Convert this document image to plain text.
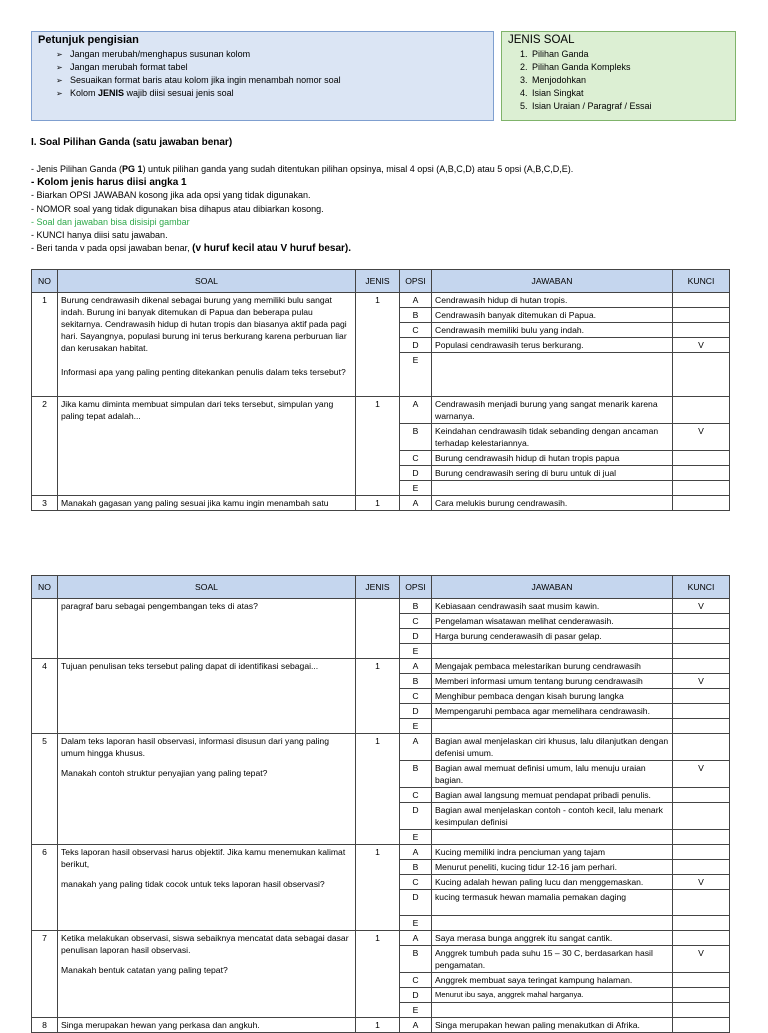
Petunjuk pengisian
➢ Jangan merubah/menghapus susunan kolom
➢ Jangan merubah format tabel
➢ Sesuaikan format baris atau kolom jika ingin menambah nomor soal
➢ Kolom JENIS wajib diisi sesuai jenis soal
JENIS SOAL
1. Pilihan Ganda
2. Pilihan Ganda Kompleks
3. Menjodohkan
4. Isian Singkat
5. Isian Uraian / Paragraf / Essai
I. Soal Pilihan Ganda (satu jawaban benar)
- Jenis Pilihan Ganda (PG 1) untuk pilihan ganda yang sudah ditentukan pilihan opsinya, misal 4 opsi (A,B,C,D) atau 5 opsi (A,B,C,D,E).
- Kolom jenis harus diisi angka 1
- Biarkan OPSI JAWABAN kosong jika ada opsi yang tidak digunakan.
- NOMOR soal yang tidak digunakan bisa dihapus atau dibiarkan kosong.
- Soal dan jawaban bisa disisipi gambar
- KUNCI hanya diisi satu jawaban.
- Beri tanda v pada opsi jawaban benar, (v huruf kecil atau V huruf besar).
NO	SOAL	JENIS	OPSI	JAWABAN	KUNCI
1	Burung cendrawasih dikenal sebagai burung yang memiliki bulu sangat indah. Burung ini banyak ditemukan di Papua dan beberapa pulau sekitarnya. Cendrawasih hidup di hutan tropis dan biasanya aktif pada pagi hari. Sayangnya, populasi burung ini terus berkurang karena perburuan liar dan kerusakan habitat.
Informasi apa yang paling penting ditekankan penulis dalam teks tersebut?	1	A	Cendrawasih hidup di hutan tropis.	
			B	Cendrawasih banyak ditemukan di Papua.	
			C	Cendrawasih memiliki bulu yang indah.	
			D	Populasi cendrawasih terus berkurang.	V
			E		
2	Jika kamu diminta membuat simpulan dari teks tersebut, simpulan yang paling tepat adalah...	1	A	Cendrawasih menjadi burung yang sangat menarik karena warnanya.	
			B	Keindahan cendrawasih tidak sebanding dengan ancaman terhadap kelestariannya.	V
			C	Burung cendrawasih hidup di hutan tropis papua	
			D	Burung cendrawasih sering di buru untuk di jual	
			E		
3	Manakah gagasan yang paling sesuai jika kamu ingin menambah satu	1	A	Cara melukis burung cendrawasih.	
NO	SOAL	JENIS	OPSI	JAWABAN	KUNCI
	paragraf baru sebagai pengembangan teks di atas?		B	Kebiasaan cendrawasih saat musim kawin.	V
			C	Pengelaman wisatawan melihat cenderawasih.	
			D	Harga burung cenderawasih di pasar gelap.	
			E		
4	Tujuan penulisan teks tersebut paling dapat di identifikasi sebagai...	1	A	Mengajak pembaca melestarikan burung cendrawasih	
			B	Memberi informasi umum tentang burung cendrawasih	V
			C	Menghibur pembaca dengan kisah burung langka	
			D	Mempengaruhi pembaca agar memelihara cendrawasih.	
			E		
5	Dalam teks laporan hasil observasi, informasi disusun dari yang paling umum hingga khusus.
Manakah contoh struktur penyajian yang paling tepat?	1	A	Bagian awal menjelaskan ciri khusus, lalu dilanjutkan dengan defenisi umum.	
			B	Bagian awal memuat definisi umum, lalu menuju uraian bagian.	V
			C	Bagian awal langsung memuat pendapat pribadi penulis.	
			D	Bagian awal menjelaskan contoh - contoh kecil, lalu menark kesimpulan definisi	
			E		
6	Teks laporan hasil observasi harus objektif. Jika kamu menemukan kalimat berikut,
manakah yang paling tidak cocok untuk teks laporan hasil observasi?	1	A	Kucing memiliki indra penciuman yang tajam	
			B	Menurut peneliti, kucing tidur 12-16 jam perhari.	
			C	Kucing adalah hewan paling lucu dan menggemaskan.	V
			D	kucing termasuk hewan mamalia pemakan daging	
			E		
7	Ketika melakukan observasi, siswa sebaiknya mencatat data sebagai dasar penulisan laporan hasil observasi.
Manakah bentuk catatan yang paling tepat?	1	A	Saya merasa bunga anggrek itu sangat cantik.	
			B	Anggrek tumbuh pada suhu 15 – 30 C, berdasarkan hasil pengamatan.	V
			C	Anggrek membuat saya teringat kampung halaman.	
			D	Menurut ibu saya, anggrek mahal harganya.	
			E		
8	Singa merupakan hewan yang perkasa dan angkuh.	1	A	Singa merupakan hewan paling menakutkan di Afrika.	
